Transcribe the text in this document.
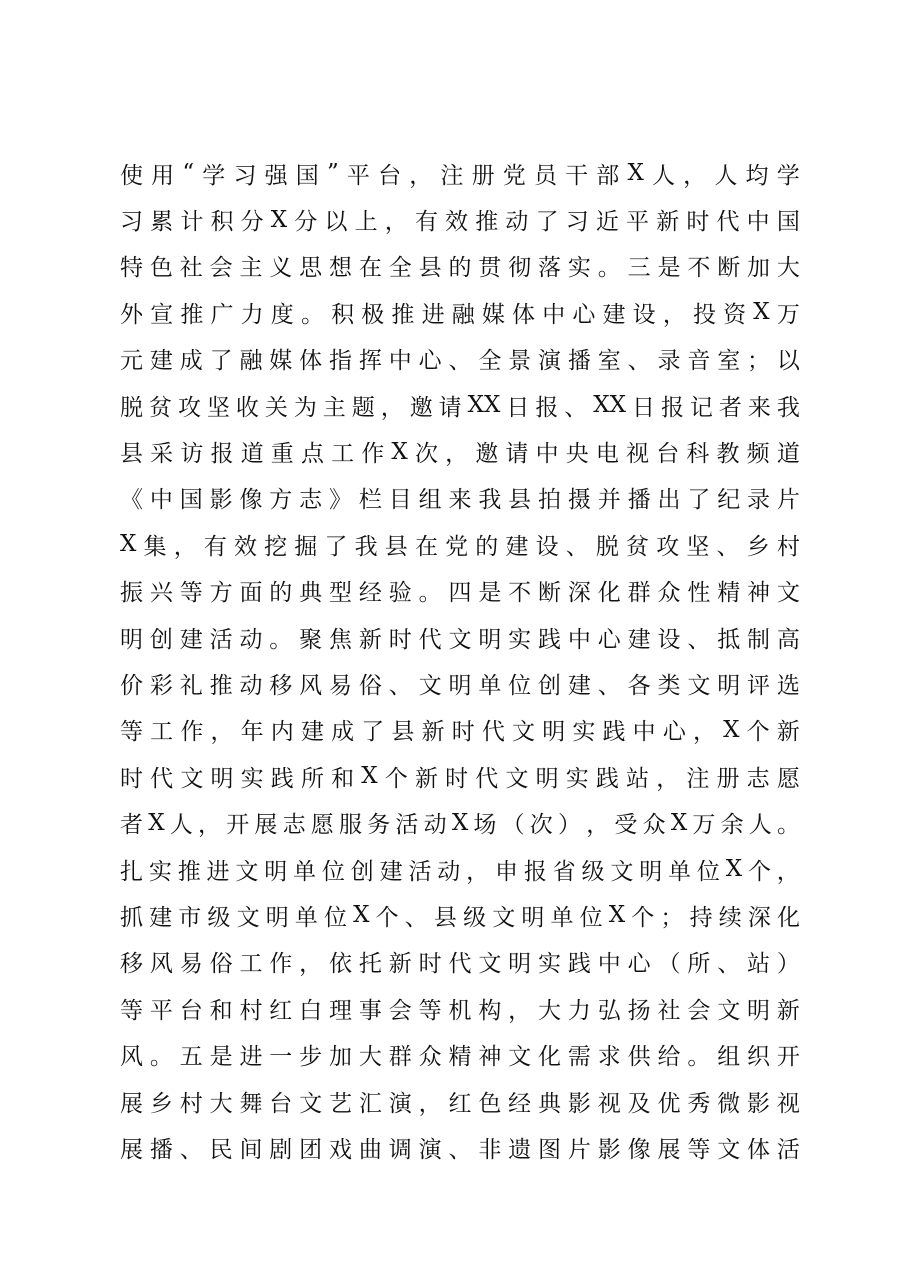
使 用 “ 学 习 强 国 ” 平 台 ， 注 册 党 员 干 部 X 人 ， 人 均 学
习 累 计 积 分 X 分 以 上 ， 有 效 推 动 了 习 近 平 新 时 代 中 国
特 色 社 会 主 义 思 想 在 全 县 的 贯 彻 落 实 。 三 是 不 断 加 大
外 宣 推 广 力 度 。 积 极 推 进 融 媒 体 中 心 建 设 ， 投 资 X 万
元 建 成 了 融 媒 体 指 挥 中 心 、 全 景 演 播 室 、 录 音 室 ； 以
脱 贫 攻 坚 收 关 为 主 题 ， 邀 请 XX 日 报 、 XX 日 报 记 者 来 我
县 采 访 报 道 重 点 工 作 X 次 ， 邀 请 中 央 电 视 台 科 教 频 道
《 中 国 影 像 方 志 》 栏 目 组 来 我 县 拍 摄 并 播 出 了 纪 录 片
X 集 ， 有 效 挖 掘 了 我 县 在 党 的 建 设 、 脱 贫 攻 坚 、 乡 村
振 兴 等 方 面 的 典 型 经 验 。 四 是 不 断 深 化 群 众 性 精 神 文
明 创 建 活 动 。 聚 焦 新 时 代 文 明 实 践 中 心 建 设 、 抵 制 高
价 彩 礼 推 动 移 风 易 俗 、 文 明 单 位 创 建 、 各 类 文 明 评 选
等 工 作 ， 年 内 建 成 了 县 新 时 代 文 明 实 践 中 心 ， X 个 新
时 代 文 明 实 践 所 和 X 个 新 时 代 文 明 实 践 站 ， 注 册 志 愿
者 X 人 ， 开 展 志 愿 服 务 活 动 X 场 （ 次 ） ， 受 众 X 万 余 人 。
扎 实 推 进 文 明 单 位 创 建 活 动 ， 申 报 省 级 文 明 单 位 X 个 ，
抓 建 市 级 文 明 单 位 X 个 、 县 级 文 明 单 位 X 个 ； 持 续 深 化
移 风 易 俗 工 作 ， 依 托 新 时 代 文 明 实 践 中 心 （ 所 、 站 ）
等 平 台 和 村 红 白 理 事 会 等 机 构 ， 大 力 弘 扬 社 会 文 明 新
风 。 五 是 进 一 步 加 大 群 众 精 神 文 化 需 求 供 给 。 组 织 开
展 乡 村 大 舞 台 文 艺 汇 演 ， 红 色 经 典 影 视 及 优 秀 微 影 视
展 播 、 民 间 剧 团 戏 曲 调 演 、 非 遗 图 片 影 像 展 等 文 体 活
